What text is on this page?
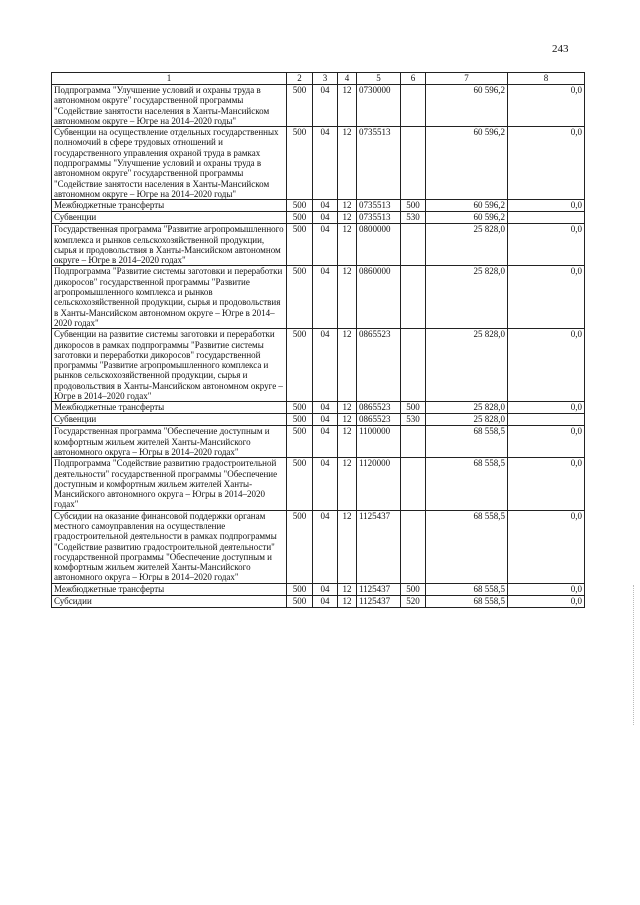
243
1	2	3	4	5	6	7	8
Подпрограмма "Улучшение условий и охраны труда в автономном округе" государственной программы "Содействие занятости населения в Ханты-Мансийском автономном округе – Югре на 2014–2020 годы"	500	04	12	0730000		60 596,2	0,0
Субвенции на осуществление отдельных государственных полномочий в сфере трудовых отношений и государственного управления охраной труда в рамках подпрограммы "Улучшение условий и охраны труда в автономном округе" государственной программы "Содействие занятости населения в Ханты-Мансийском автономном округе – Югре на 2014–2020 годы"	500	04	12	0735513		60 596,2	0,0
Межбюджетные трансферты	500	04	12	0735513	500	60 596,2	0,0
Субвенции	500	04	12	0735513	530	60 596,2	
Государственная программа "Развитие агропромышленного комплекса и рынков сельскохозяйственной продукции, сырья и продовольствия в Ханты-Мансийском автономном округе – Югре в 2014–2020 годах"	500	04	12	0800000		25 828,0	0,0
Подпрограмма "Развитие системы заготовки и переработки дикоросов" государственной программы "Развитие агропромышленного комплекса и рынков сельскохозяйственной продукции, сырья и продовольствия в Ханты-Мансийском автономном округе – Югре в 2014–2020 годах"	500	04	12	0860000		25 828,0	0,0
Субвенции на развитие системы заготовки и переработки дикоросов в рамках подпрограммы "Развитие системы заготовки и переработки дикоросов" государственной программы "Развитие агропромышленного комплекса и рынков сельскохозяйственной продукции, сырья и продовольствия в Ханты-Мансийском автономном округе – Югре в 2014–2020 годах"	500	04	12	0865523		25 828,0	0,0
Межбюджетные трансферты	500	04	12	0865523	500	25 828,0	0,0
Субвенции	500	04	12	0865523	530	25 828,0	
Государственная программа "Обеспечение доступным и комфортным жильем жителей Ханты-Мансийского автономного округа – Югры в 2014–2020 годах"	500	04	12	1100000		68 558,5	0,0
Подпрограмма "Содействие развитию градостроительной деятельности" государственной программы "Обеспечение доступным и комфортным жильем жителей Ханты-Мансийского автономного округа – Югры в 2014–2020 годах"	500	04	12	1120000		68 558,5	0,0
Субсидии на оказание финансовой поддержки органам местного самоуправления на осуществление градостроительной деятельности в рамках подпрограммы "Содействие развитию градостроительной деятельности" государственной программы "Обеспечение доступным и комфортным жильем жителей Ханты-Мансийского автономного округа – Югры в 2014–2020 годах"	500	04	12	1125437		68 558,5	0,0
Межбюджетные трансферты	500	04	12	1125437	500	68 558,5	0,0
Субсидии	500	04	12	1125437	520	68 558,5	0,0
